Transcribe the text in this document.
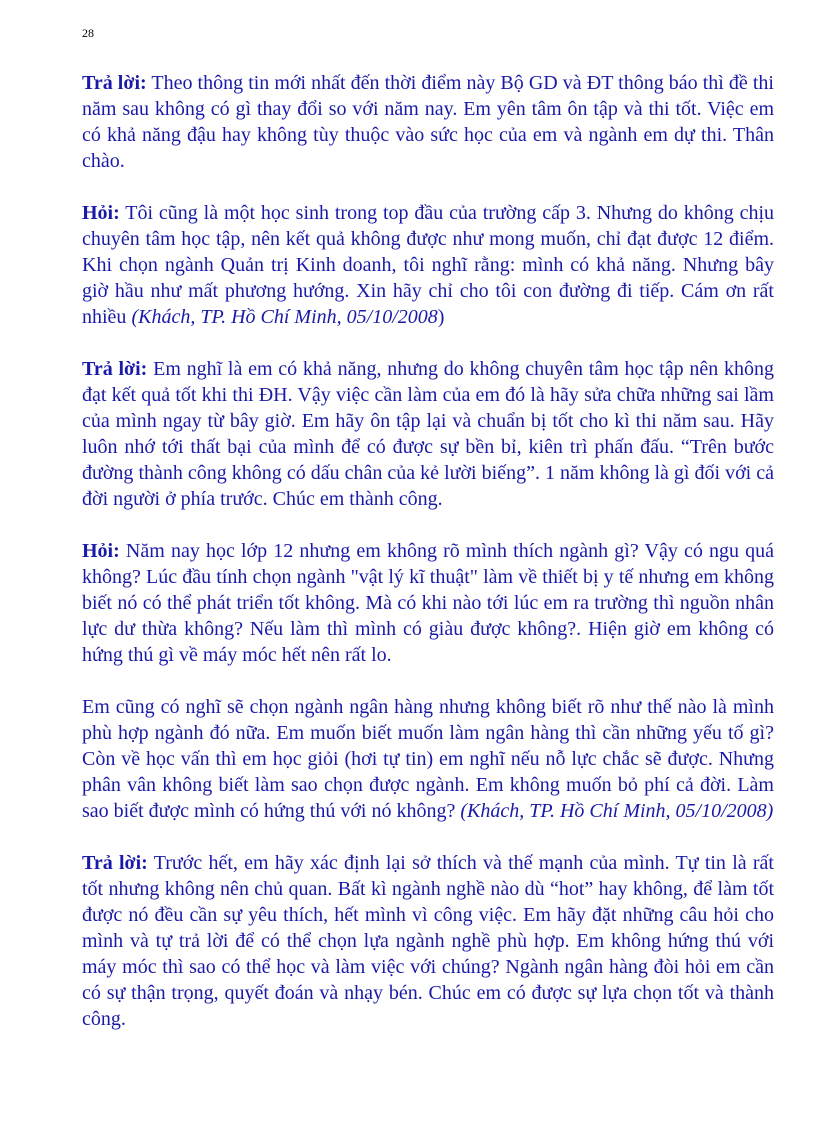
28

Trả lời: Theo thông tin mới nhất đến thời điểm này Bộ GD và ĐT thông báo thì đề thi năm sau không có gì thay đổi so với năm nay. Em yên tâm ôn tập và thi tốt. Việc em có khả năng đậu hay không tùy thuộc vào sức học của em và ngành em dự thi. Thân chào.

Hỏi: Tôi cũng là một học sinh trong top đầu của trường cấp 3. Nhưng do không chịu chuyên tâm học tập, nên kết quả không được như mong muốn, chỉ đạt được 12 điểm. Khi chọn ngành Quản trị Kinh doanh, tôi nghĩ rằng: mình có khả năng. Nhưng bây giờ hầu như mất phương hướng. Xin hãy chỉ cho tôi con đường đi tiếp. Cám ơn rất nhiều (Khách, TP. Hồ Chí Minh, 05/10/2008)

Trả lời: Em nghĩ là em có khả năng, nhưng do không chuyên tâm học tập nên không đạt kết quả tốt khi thi ĐH. Vậy việc cần làm của em đó là hãy sửa chữa những sai lầm của mình ngay từ bây giờ. Em hãy ôn tập lại và chuẩn bị tốt cho kì thi năm sau. Hãy luôn nhớ tới thất bại của mình để có được sự bền bỉ, kiên trì phấn đấu. “Trên bước đường thành công không có dấu chân của kẻ lười biếng”. 1 năm không là gì đối với cả đời người ở phía trước. Chúc em thành công.

Hỏi: Năm nay học lớp 12 nhưng em không rõ mình thích ngành gì? Vậy có ngu quá không? Lúc đầu tính chọn ngành "vật lý kĩ thuật" làm về thiết bị y tế nhưng em không biết nó có thể phát triển tốt không. Mà có khi nào tới lúc em ra trường thì nguồn nhân lực dư thừa không? Nếu làm thì mình có giàu được không?. Hiện giờ em không có hứng thú gì về máy móc hết nên rất lo.

Em cũng có nghĩ sẽ chọn ngành ngân hàng nhưng không biết rõ như thế nào là mình phù hợp ngành đó nữa. Em muốn biết muốn làm ngân hàng thì cần những yếu tố gì? Còn về học vấn thì em học giỏi (hơi tự tin) em nghĩ nếu nỗ lực chắc sẽ được. Nhưng phân vân không biết làm sao chọn được ngành. Em không muốn bỏ phí cả đời. Làm sao biết được mình có hứng thú với nó không? (Khách, TP. Hồ Chí Minh, 05/10/2008)

Trả lời: Trước hết, em hãy xác định lại sở thích và thế mạnh của mình. Tự tin là rất tốt nhưng không nên chủ quan. Bất kì ngành nghề nào dù “hot” hay không, để làm tốt được nó đều cần sự yêu thích, hết mình vì công việc. Em hãy đặt những câu hỏi cho mình và tự trả lời để có thể chọn lựa ngành nghề phù hợp. Em không hứng thú với máy móc thì sao có thể học và làm việc với chúng? Ngành ngân hàng đòi hỏi em cần có sự thận trọng, quyết đoán và nhạy bén. Chúc em có được sự lựa chọn tốt và thành công.
